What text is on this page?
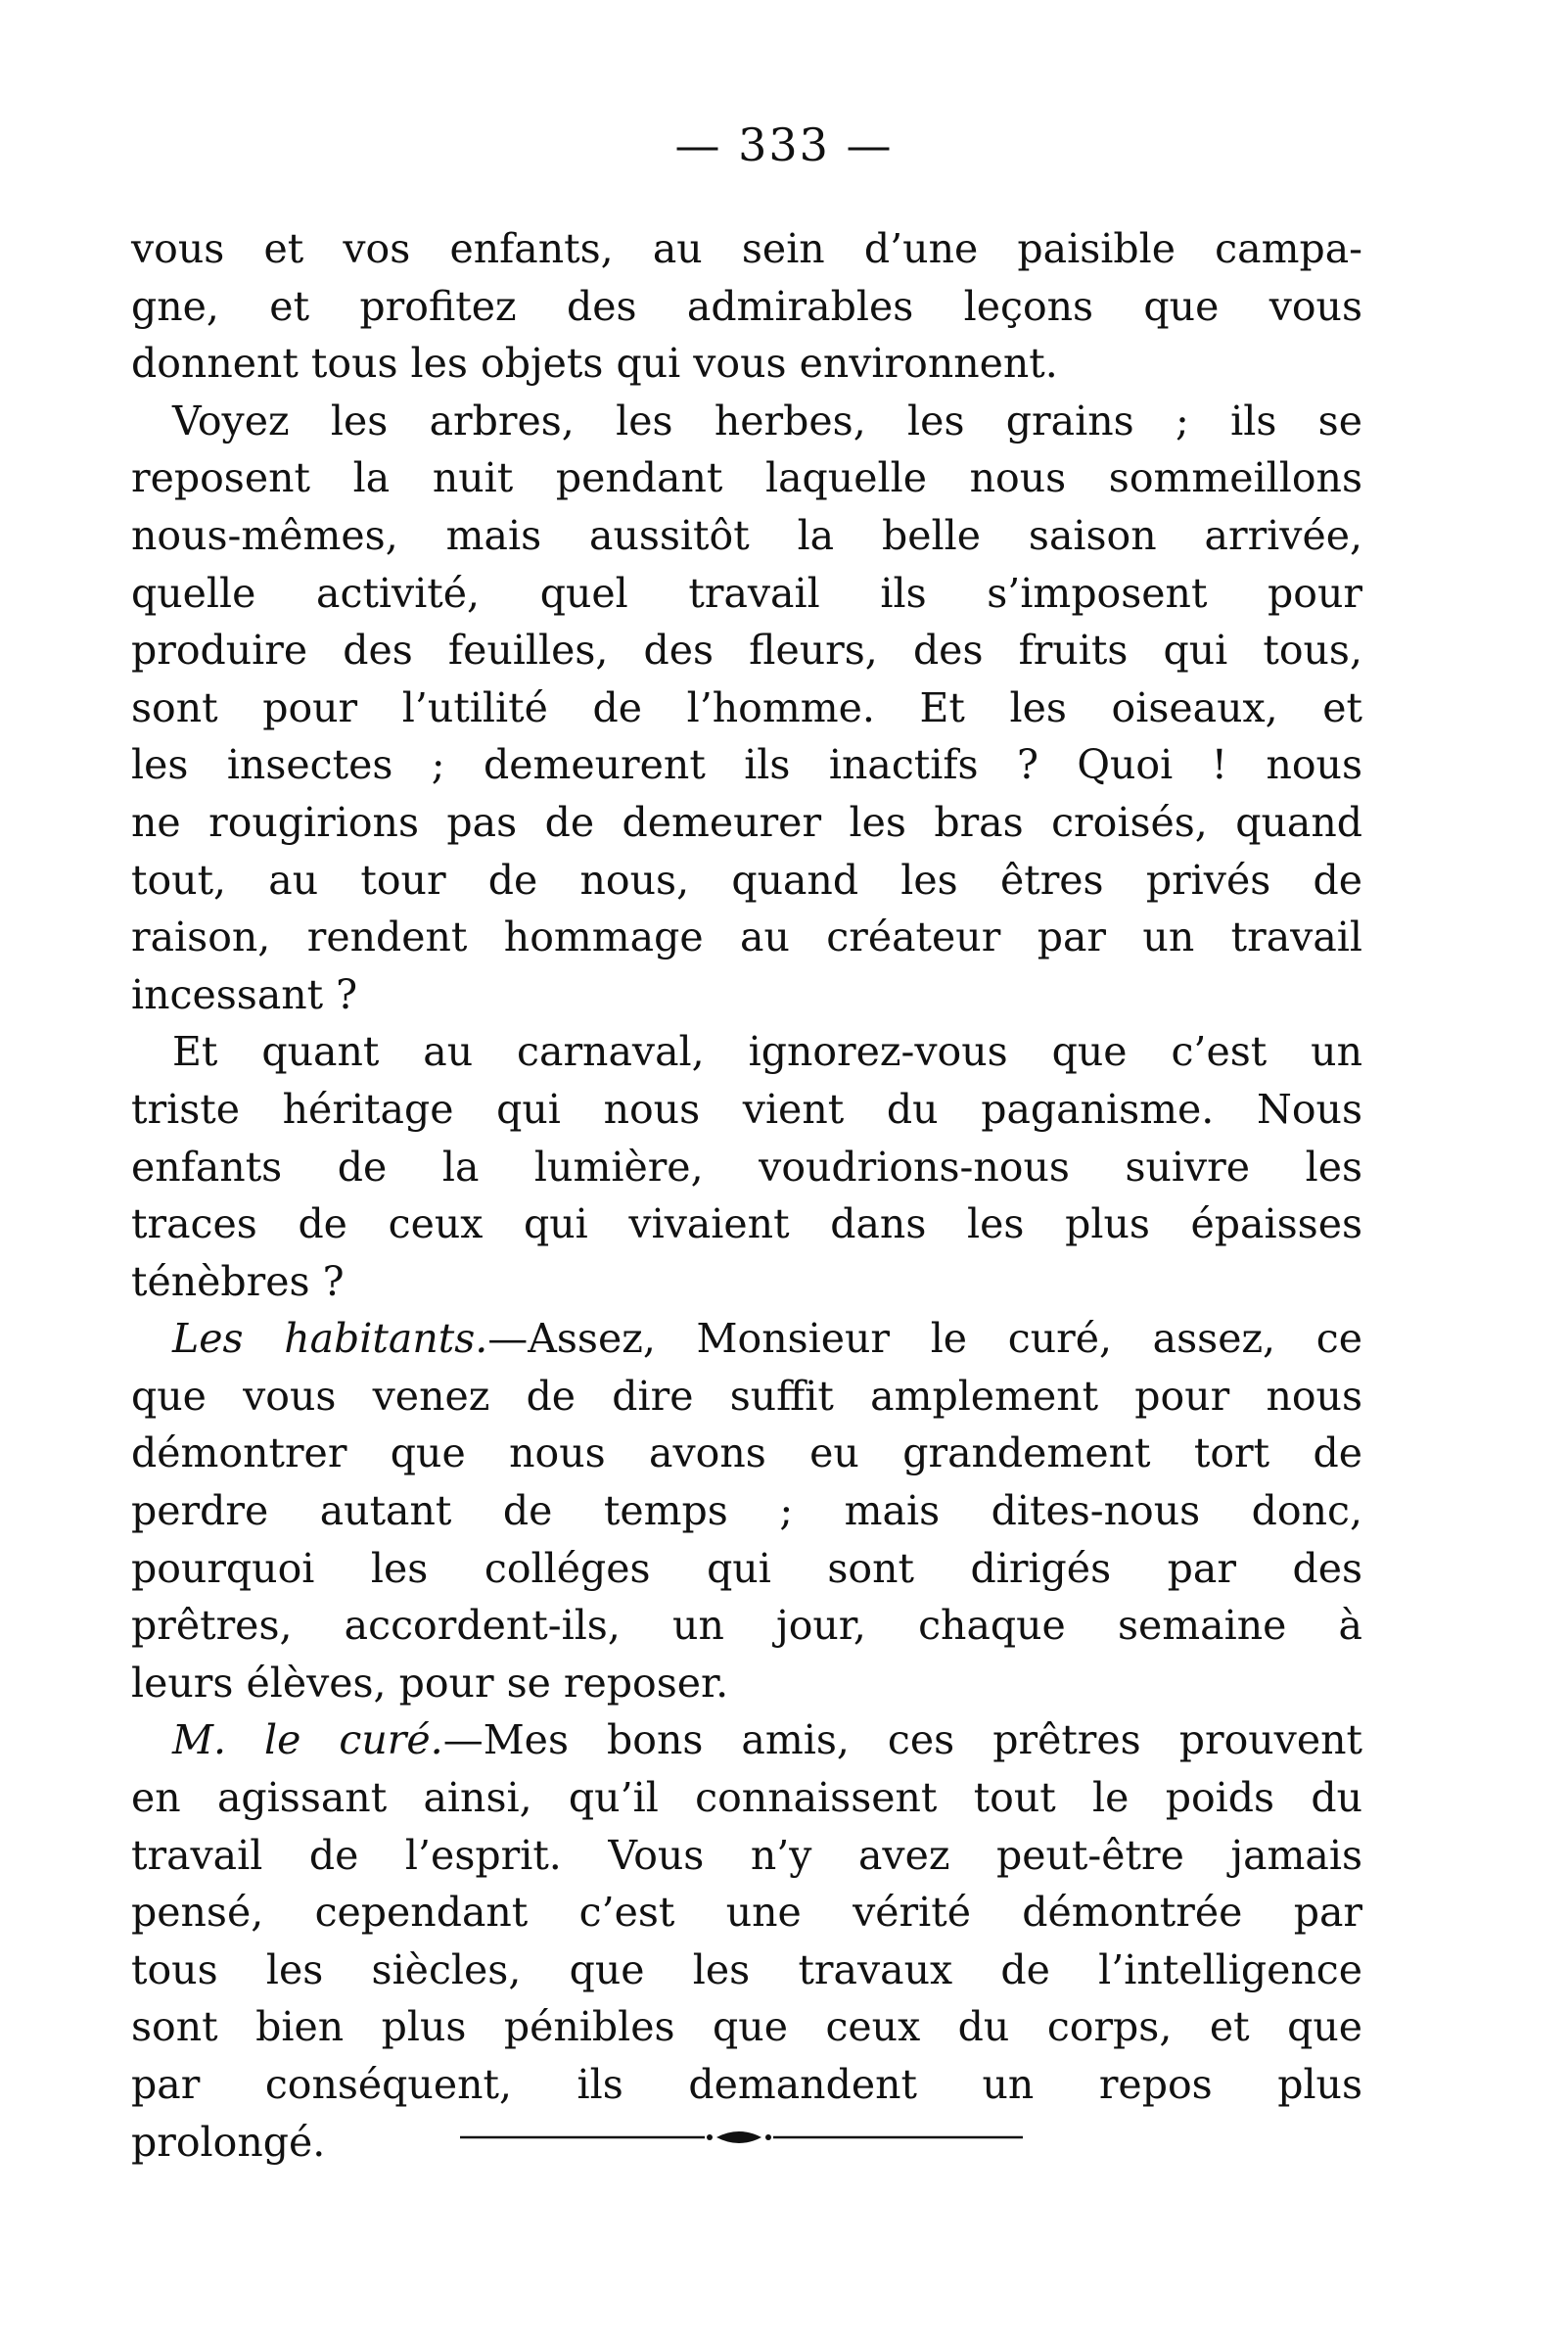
— 333 —
vous et vos enfants, au sein d’une paisible campa-
gne, et profitez des admirables leçons que vous
donnent tous les objets qui vous environnent.
Voyez les arbres, les herbes, les grains ; ils se
reposent la nuit pendant laquelle nous sommeillons
nous-mêmes, mais aussitôt la belle saison arrivée,
quelle activité, quel travail ils s’imposent pour
produire des feuilles, des fleurs, des fruits qui tous,
sont pour l’utilité de l’homme. Et les oiseaux, et
les insectes ; demeurent ils inactifs ? Quoi ! nous
ne rougirions pas de demeurer les bras croisés, quand
tout, au tour de nous, quand les êtres privés de
raison, rendent hommage au créateur par un travail
incessant ?
Et quant au carnaval, ignorez-vous que c’est un
triste héritage qui nous vient du paganisme. Nous
enfants de la lumière, voudrions-nous suivre les
traces de ceux qui vivaient dans les plus épaisses
ténèbres ?
Les habitants.—Assez, Monsieur le curé, assez, ce
que vous venez de dire suffit amplement pour nous
démontrer que nous avons eu grandement tort de
perdre autant de temps ; mais dites-nous donc,
pourquoi les colléges qui sont dirigés par des
prêtres, accordent-ils, un jour, chaque semaine à
leurs élèves, pour se reposer.
M. le curé.—Mes bons amis, ces prêtres prouvent
en agissant ainsi, qu’il connaissent tout le poids du
travail de l’esprit. Vous n’y avez peut-être jamais
pensé, cependant c’est une vérité démontrée par
tous les siècles, que les travaux de l’intelligence
sont bien plus pénibles que ceux du corps, et que
par conséquent, ils demandent un repos plus
prolongé.
